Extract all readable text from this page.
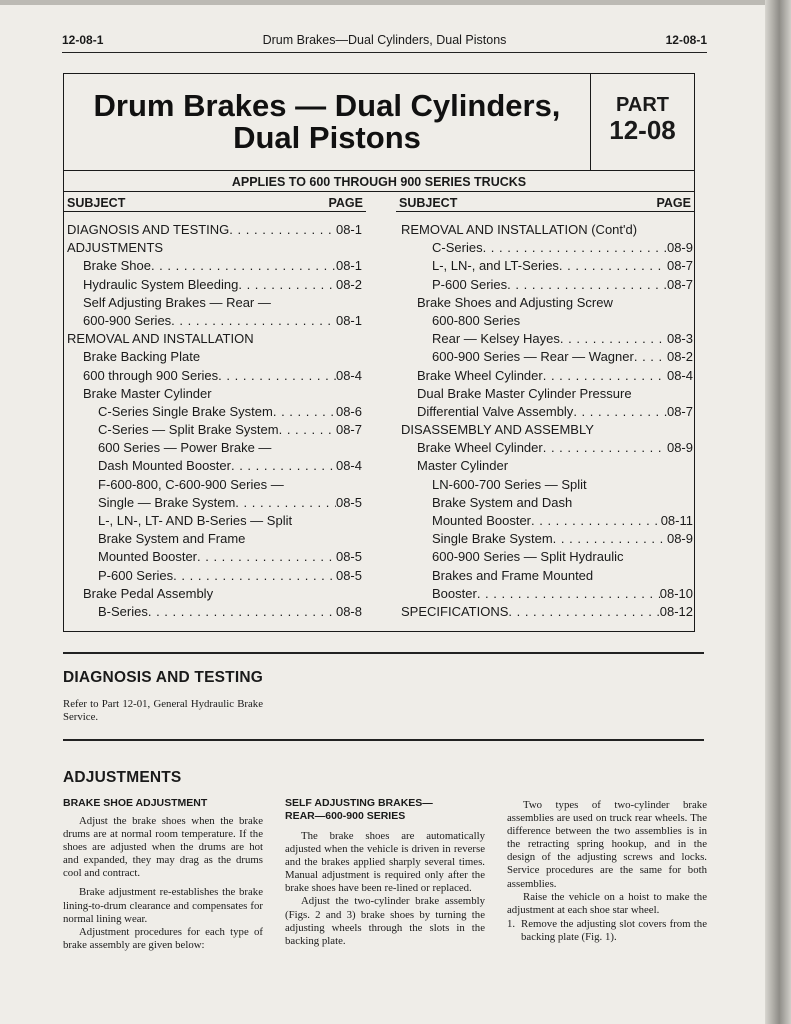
12-08-1	Drum Brakes—Dual Cylinders, Dual Pistons	12-08-1
Drum Brakes — Dual Cylinders,
Dual Pistons
PART
12-08
APPLIES TO 600 THROUGH 900 SERIES TRUCKS
SUBJECT	PAGE	SUBJECT	PAGE
DIAGNOSIS AND TESTING . . .	08-1
ADJUSTMENTS
Brake Shoe . . .	08-1
Hydraulic System Bleeding . . .	08-2
Self Adjusting Brakes — Rear —
600-900 Series . . .	08-1
REMOVAL AND INSTALLATION
Brake Backing Plate
600 through 900 Series . . .	08-4
Brake Master Cylinder
C-Series Single Brake System . . .	08-6
C-Series — Split Brake System . . .	08-7
600 Series — Power Brake —
Dash Mounted Booster . . .	08-4
F-600-800, C-600-900 Series —
Single — Brake System . . .	08-5
L-, LN-, LT- AND B-Series — Split
Brake System and Frame
Mounted Booster . . .	08-5
P-600 Series . . .	08-5
Brake Pedal Assembly
B-Series . . .	08-8
REMOVAL AND INSTALLATION (Cont'd)
C-Series . . .	08-9
L-, LN-, and LT-Series . . .	08-7
P-600 Series . . .	08-7
Brake Shoes and Adjusting Screw
600-800 Series
Rear — Kelsey Hayes . . .	08-3
600-900 Series — Rear — Wagner . . .	08-2
Brake Wheel Cylinder . . .	08-4
Dual Brake Master Cylinder Pressure
Differential Valve Assembly . . .	08-7
DISASSEMBLY AND ASSEMBLY
Brake Wheel Cylinder . . .	08-9
Master Cylinder
LN-600-700 Series — Split
Brake System and Dash
Mounted Booster . . .	08-11
Single Brake System . . .	08-9
600-900 Series — Split Hydraulic
Brakes and Frame Mounted
Booster . . .	08-10
SPECIFICATIONS . . .	08-12
DIAGNOSIS AND TESTING
Refer to Part 12-01, General Hydraulic Brake Service.
ADJUSTMENTS
BRAKE SHOE ADJUSTMENT

Adjust the brake shoes when the brake drums are at normal room temperature. If the shoes are adjusted when the drums are hot and expanded, they may drag as the drums cool and contract.

Brake adjustment re-establishes the brake lining-to-drum clearance and compensates for normal lining wear.

Adjustment procedures for each type of brake assembly are given below:

SELF ADJUSTING BRAKES—
REAR—600-900 SERIES

The brake shoes are automatically adjusted when the vehicle is driven in reverse and the brakes applied sharply several times. Manual adjustment is required only after the brake shoes have been re-lined or replaced.

Adjust the two-cylinder brake assembly (Figs. 2 and 3) brake shoes by turning the adjusting wheels through the slots in the backing plate.

Two types of two-cylinder brake assemblies are used on truck rear wheels. The difference between the two assemblies is in the retracting spring hookup, and in the design of the adjusting screws and locks. Service procedures are the same for both assemblies.

Raise the vehicle on a hoist to make the adjustment at each shoe star wheel.

1. Remove the adjusting slot covers from the backing plate (Fig. 1).
